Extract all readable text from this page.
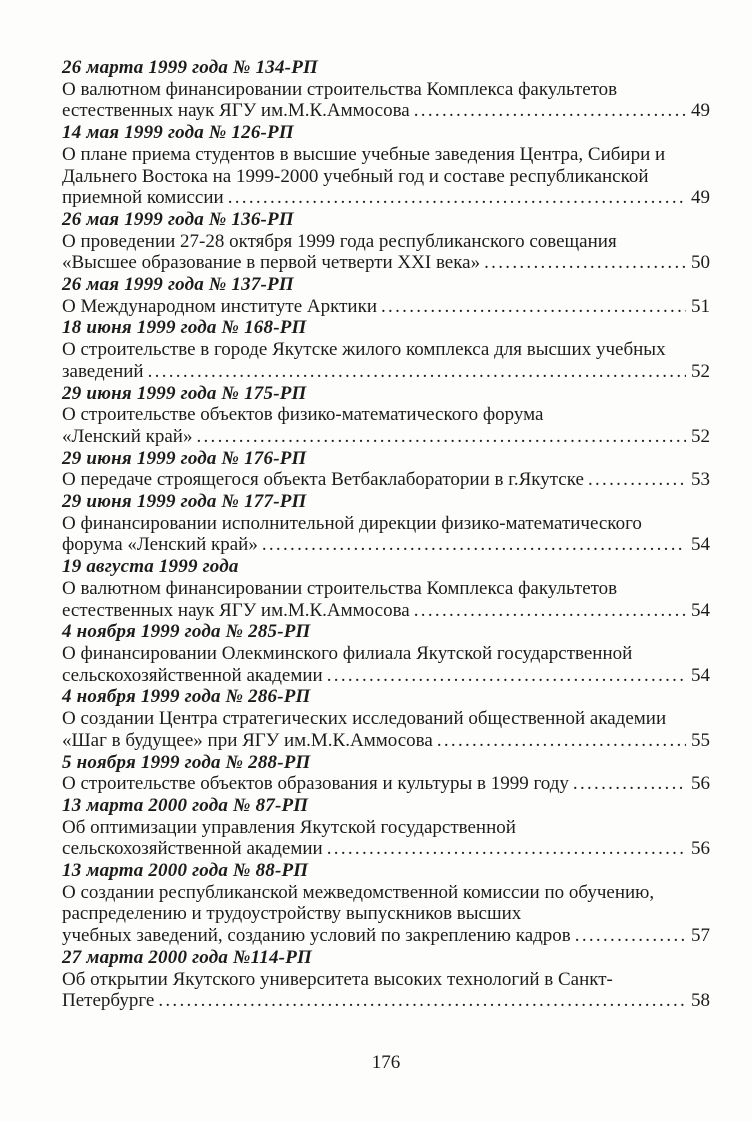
26 марта 1999 года № 134-РП
О валютном финансировании строительства Комплекса факультетов
естественных наук ЯГУ им.М.К.Аммосова .....	49
14 мая 1999 года № 126-РП
О плане приема студентов в высшие учебные заведения Центра, Сибири и
Дальнего Востока на 1999-2000 учебный год и составе республиканской
приемной комиссии .....	49
26 мая 1999 года № 136-РП
О проведении 27-28 октября 1999 года республиканского совещания
«Высшее образование в первой четверти XXI века» .....	50
26 мая 1999 года № 137-РП
О Международном институте Арктики .....	51
18 июня 1999 года № 168-РП
О строительстве в городе Якутске жилого комплекса для высших учебных
заведений .....	52
29 июня 1999 года № 175-РП
О строительстве объектов физико-математического форума
«Ленский край» .....	52
29 июня 1999 года № 176-РП
О передаче строящегося объекта Ветбаклаборатории в г.Якутске .....	53
29 июня 1999 года № 177-РП
О финансировании исполнительной дирекции физико-математического
форума «Ленский край» .....	54
19 августа 1999 года
О валютном финансировании строительства Комплекса факультетов
естественных наук ЯГУ им.М.К.Аммосова .....	54
4 ноября 1999 года № 285-РП
О финансировании Олекминского филиала Якутской государственной
сельскохозяйственной академии .....	54
4 ноября 1999 года № 286-РП
О создании Центра стратегических исследований общественной академии
«Шаг в будущее» при ЯГУ им.М.К.Аммосова .....	55
5 ноября 1999 года № 288-РП
О строительстве объектов образования и культуры в 1999 году .....	56
13 марта 2000 года № 87-РП
Об оптимизации управления Якутской государственной
сельскохозяйственной академии .....	56
13 марта 2000 года № 88-РП
О создании республиканской межведомственной комиссии по обучению,
распределению и трудоустройству выпускников высших
учебных заведений, созданию условий по закреплению кадров .....	57
27 марта 2000 года №114-РП
Об открытии Якутского университета высоких технологий в Санкт-
Петербурге .....	58
176
